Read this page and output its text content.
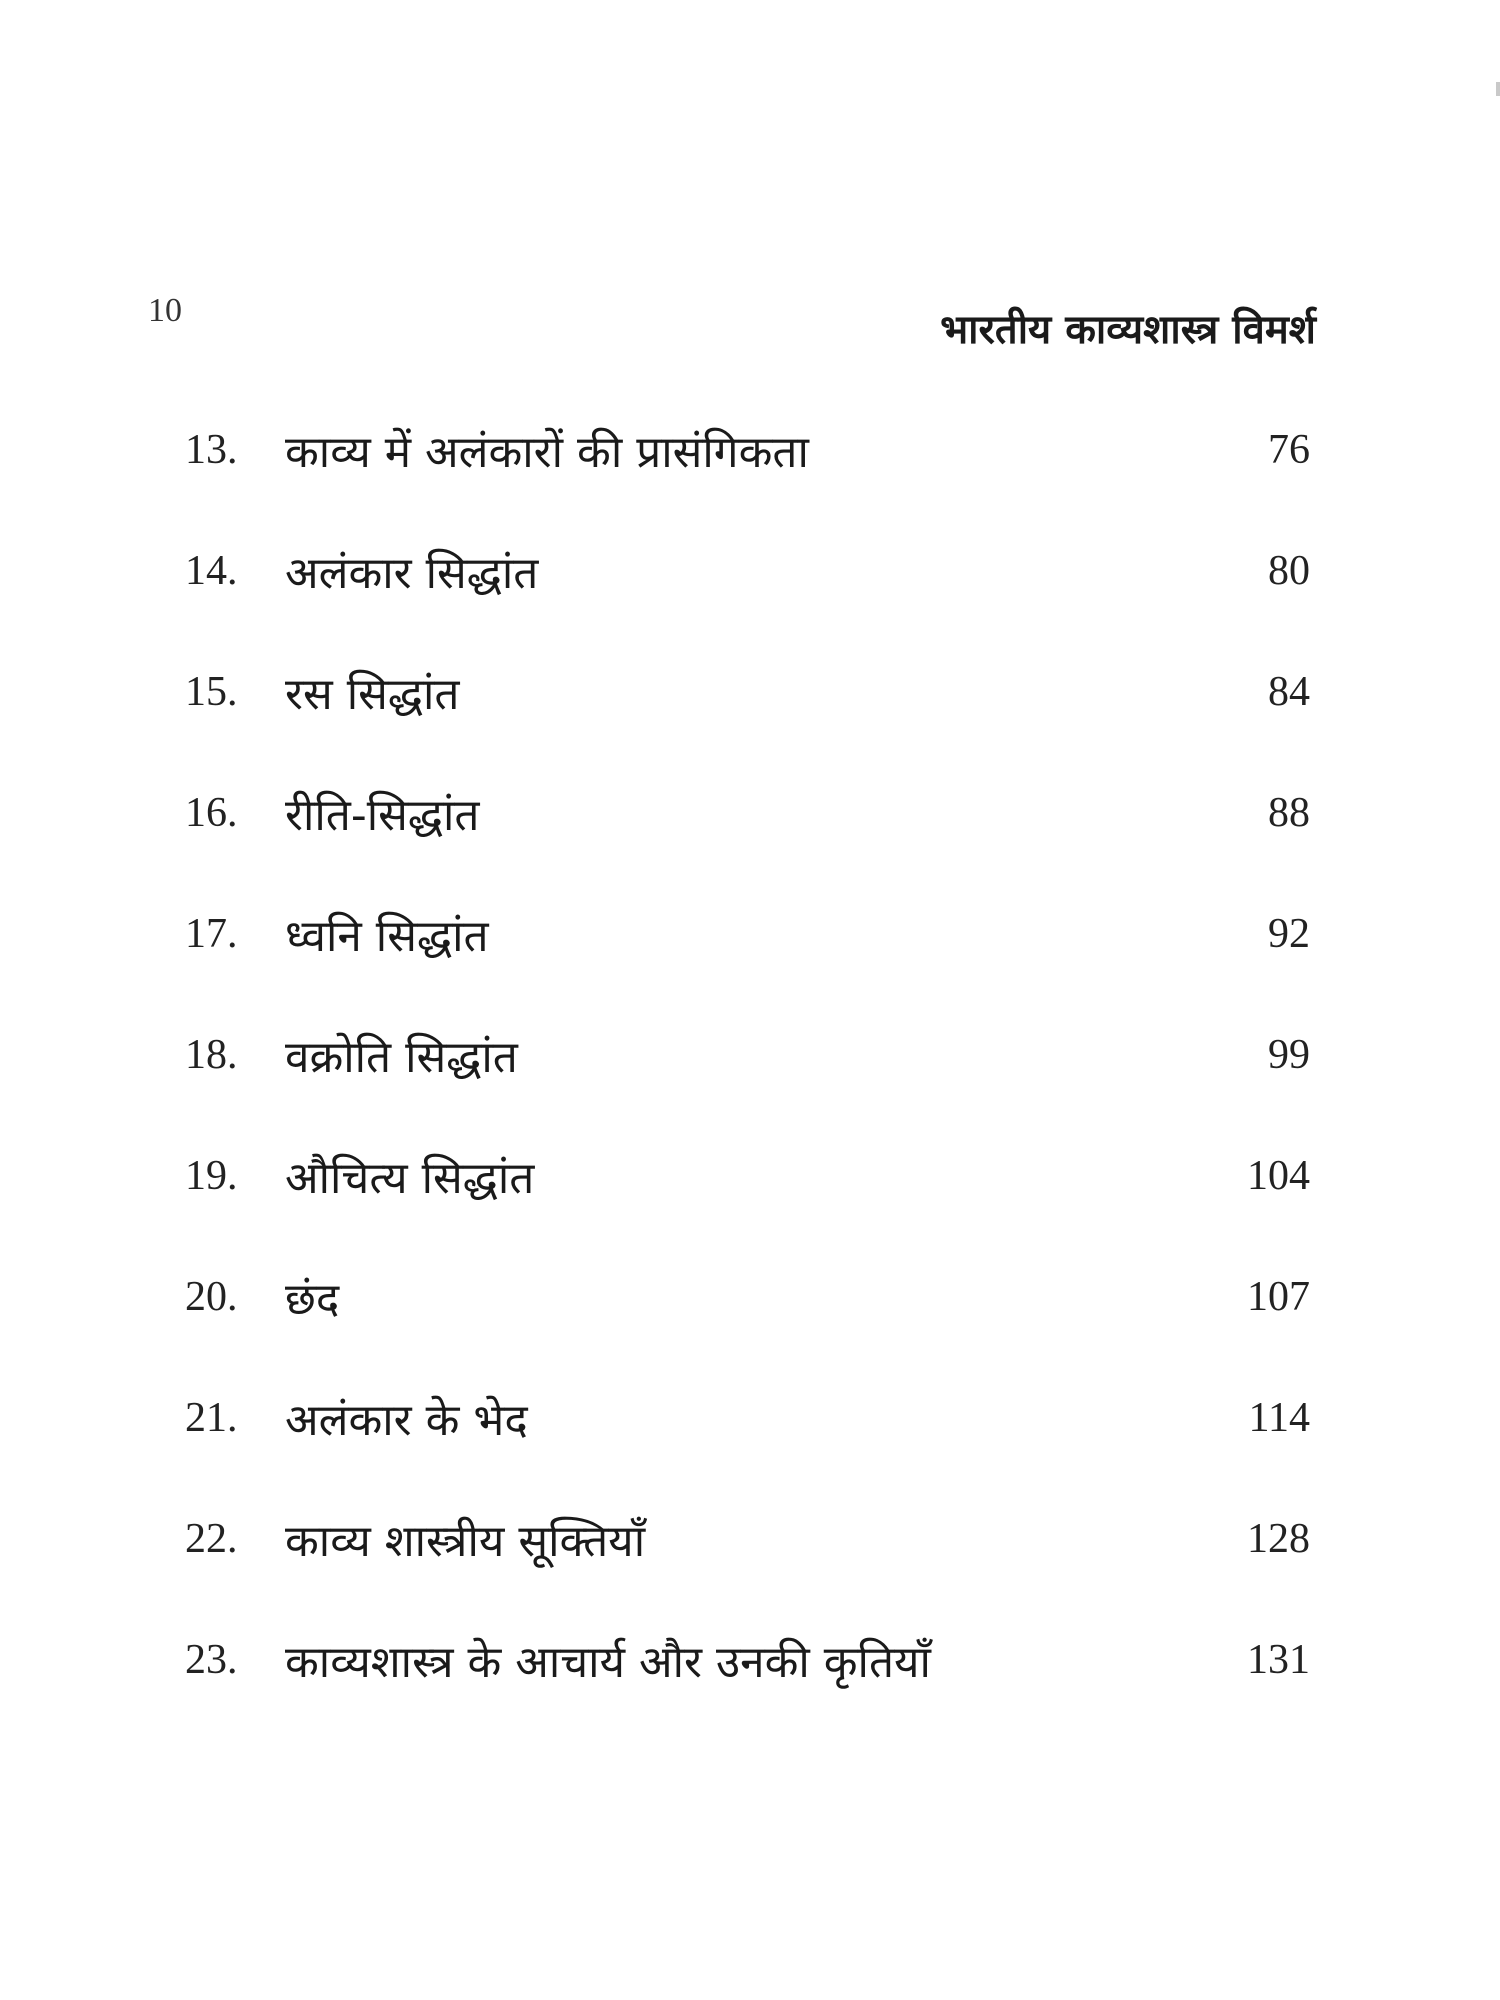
10	भारतीय काव्यशास्त्र विमर्श
13.	काव्य में अलंकारों की प्रासंगिकता	76
14.	अलंकार सिद्धांत	80
15.	रस सिद्धांत	84
16.	रीति-सिद्धांत	88
17.	ध्वनि सिद्धांत	92
18.	वक्रोति सिद्धांत	99
19.	औचित्य सिद्धांत	104
20.	छंद	107
21.	अलंकार के भेद	114
22.	काव्य शास्त्रीय सूक्तियाँ	128
23.	काव्यशास्त्र के आचार्य और उनकी कृतियाँ	131
